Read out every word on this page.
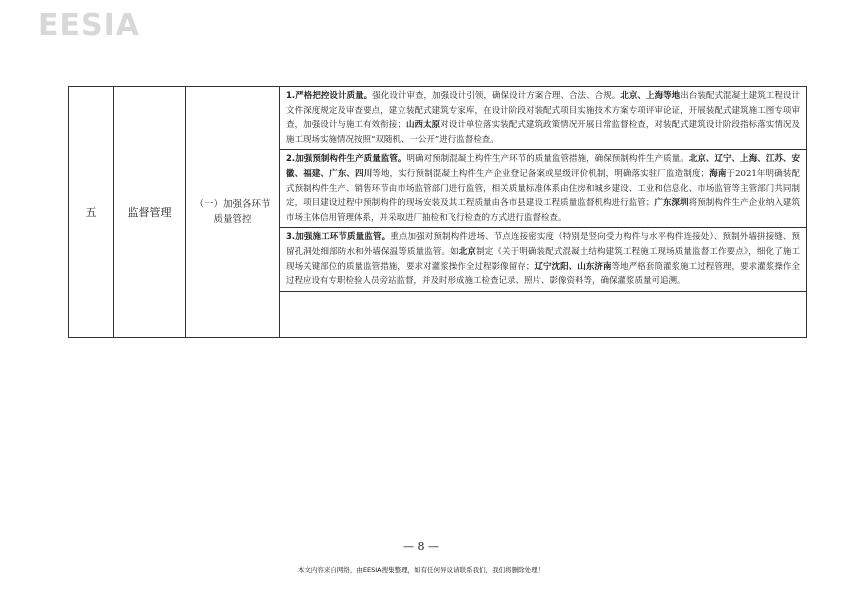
EESIA
五	监督管理	（一）加强各环节质量管控	1.严格把控设计质量。强化设计审查，加强设计引领，确保设计方案合理、合法、合规。北京、上海等地出台装配式混凝土建筑工程设计文件深度规定及审查要点，建立装配式建筑专家库，在设计阶段对装配式项目实施技术方案专项评审论证，开展装配式建筑施工图专项审查，加强设计与施工有效衔接；山西太原对设计单位落实装配式建筑政策情况开展日常监督检查，对装配式建筑设计阶段指标落实情况及施工现场实施情况按照“双随机、一公开”进行监督检查。
2.加强预制构件生产质量监管。明确对预制混凝土构件生产环节的质量监管措施，确保预制构件生产质量。北京、辽宁、上海、江苏、安徽、福建、广东、四川等地，实行预制混凝土构件生产企业登记备案或星级评价机制，明确落实驻厂监造制度；海南于2021年明确装配式预制构件生产、销售环节由市场监管部门进行监管，相关质量标准体系由住房和城乡建设、工业和信息化、市场监管等主管部门共同制定，项目建设过程中预制构件的现场安装及其工程质量由各市县建设工程质量监督机构进行监管；广东深圳将预制构件生产企业纳入建筑市场主体信用管理体系，并采取进厂抽检和飞行检查的方式进行监督检查。
3.加强施工环节质量监管。重点加强对预制构件进场、节点连接密实度（特别是竖向受力构件与水平构件连接处）、预制外墙拼接缝、预留孔洞处细部防水和外墙保温等质量监管。如北京制定《关于明确装配式混凝土结构建筑工程施工现场质量监督工作要点》，细化了施工现场关键部位的质量监管措施，要求对灌浆操作全过程影像留存；辽宁沈阳、山东济南等地严格套筒灌浆施工过程管理，要求灌浆操作全过程应设有专职检验人员旁站监督，并及时形成施工检查记录、照片、影像资料等，确保灌浆质量可追溯。

— 8 —
本文内容来自网络，由EESIA搜集整理，如有任何异议请联系我们，我们将删除处理！
